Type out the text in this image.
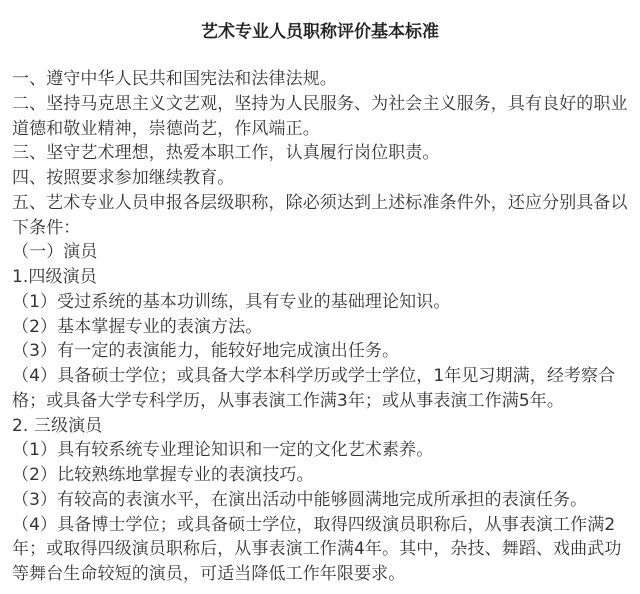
艺术专业人员职称评价基本标准
一、遵守中华人民共和国宪法和法律法规。
二、坚持马克思主义文艺观，坚持为人民服务、为社会主义服务，具有良好的职业
道德和敬业精神，崇德尚艺，作风端正。
三、坚守艺术理想，热爱本职工作，认真履行岗位职责。
四、按照要求参加继续教育。
五、艺术专业人员申报各层级职称，除必须达到上述标准条件外，还应分别具备以
下条件：
（一）演员
1.四级演员
（1）受过系统的基本功训练，具有专业的基础理论知识。
（2）基本掌握专业的表演方法。
（3）有一定的表演能力，能较好地完成演出任务。
（4）具备硕士学位；或具备大学本科学历或学士学位，1年见习期满，经考察合
格；或具备大学专科学历，从事表演工作满3年；或从事表演工作满5年。
2. 三级演员
（1）具有较系统专业理论知识和一定的文化艺术素养。
（2）比较熟练地掌握专业的表演技巧。
（3）有较高的表演水平，在演出活动中能够圆满地完成所承担的表演任务。
（4）具备博士学位；或具备硕士学位，取得四级演员职称后，从事表演工作满2
年；或取得四级演员职称后，从事表演工作满4年。其中，杂技、舞蹈、戏曲武功
等舞台生命较短的演员，可适当降低工作年限要求。
